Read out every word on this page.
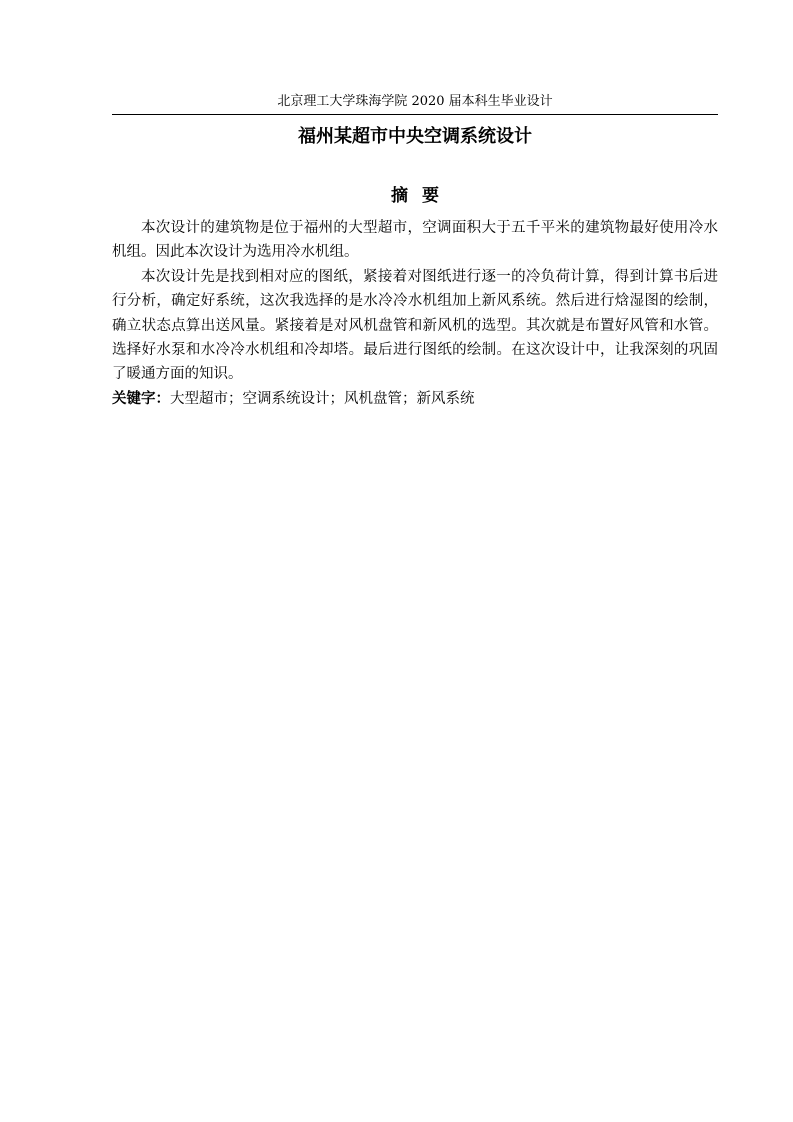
北京理工大学珠海学院 2020 届本科生毕业设计
福州某超市中央空调系统设计
摘要

本次设计的建筑物是位于福州的大型超市，空调面积大于五千平米的建筑物最好使用冷水机组。因此本次设计为选用冷水机组。

本次设计先是找到相对应的图纸，紧接着对图纸进行逐一的冷负荷计算，得到计算书后进行分析，确定好系统，这次我选择的是水冷冷水机组加上新风系统。然后进行焓湿图的绘制，确立状态点算出送风量。紧接着是对风机盘管和新风机的选型。其次就是布置好风管和水管。选择好水泵和水冷冷水机组和冷却塔。最后进行图纸的绘制。在这次设计中，让我深刻的巩固了暖通方面的知识。

关键字：大型超市；空调系统设计；风机盘管；新风系统
